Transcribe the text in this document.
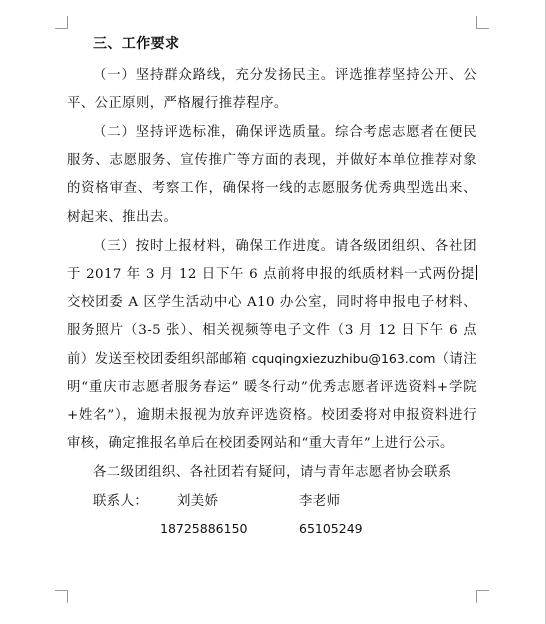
三、工作要求

（一）坚持群众路线，充分发扬民主。评选推荐坚持公开、公平、公正原则，严格履行推荐程序。

（二）坚持评选标准，确保评选质量。综合考虑志愿者在便民服务、志愿服务、宣传推广等方面的表现，并做好本单位推荐对象的资格审查、考察工作，确保将一线的志愿服务优秀典型选出来、树起来、推出去。

（三）按时上报材料，确保工作进度。请各级团组织、各社团于 2017 年 3 月 12 日下午 6 点前将申报的纸质材料一式两份提交校团委 A 区学生活动中心 A10 办公室，同时将申报电子材料、服务照片（3-5 张）、相关视频等电子文件（3 月 12 日下午 6 点前）发送至校团委组织部邮箱 cquqingxiezuzhibu@163.com（请注明“重庆市志愿者服务春运” 暖冬行动”优秀志愿者评选资料+学院+姓名”），逾期未报视为放弃评选资格。校团委将对申报资料进行审核，确定推报名单后在校团委网站和“重大青年”上进行公示。

各二级团组织、各社团若有疑问，请与青年志愿者协会联系

联系人： 刘美娇	李老师
18725886150	65105249
